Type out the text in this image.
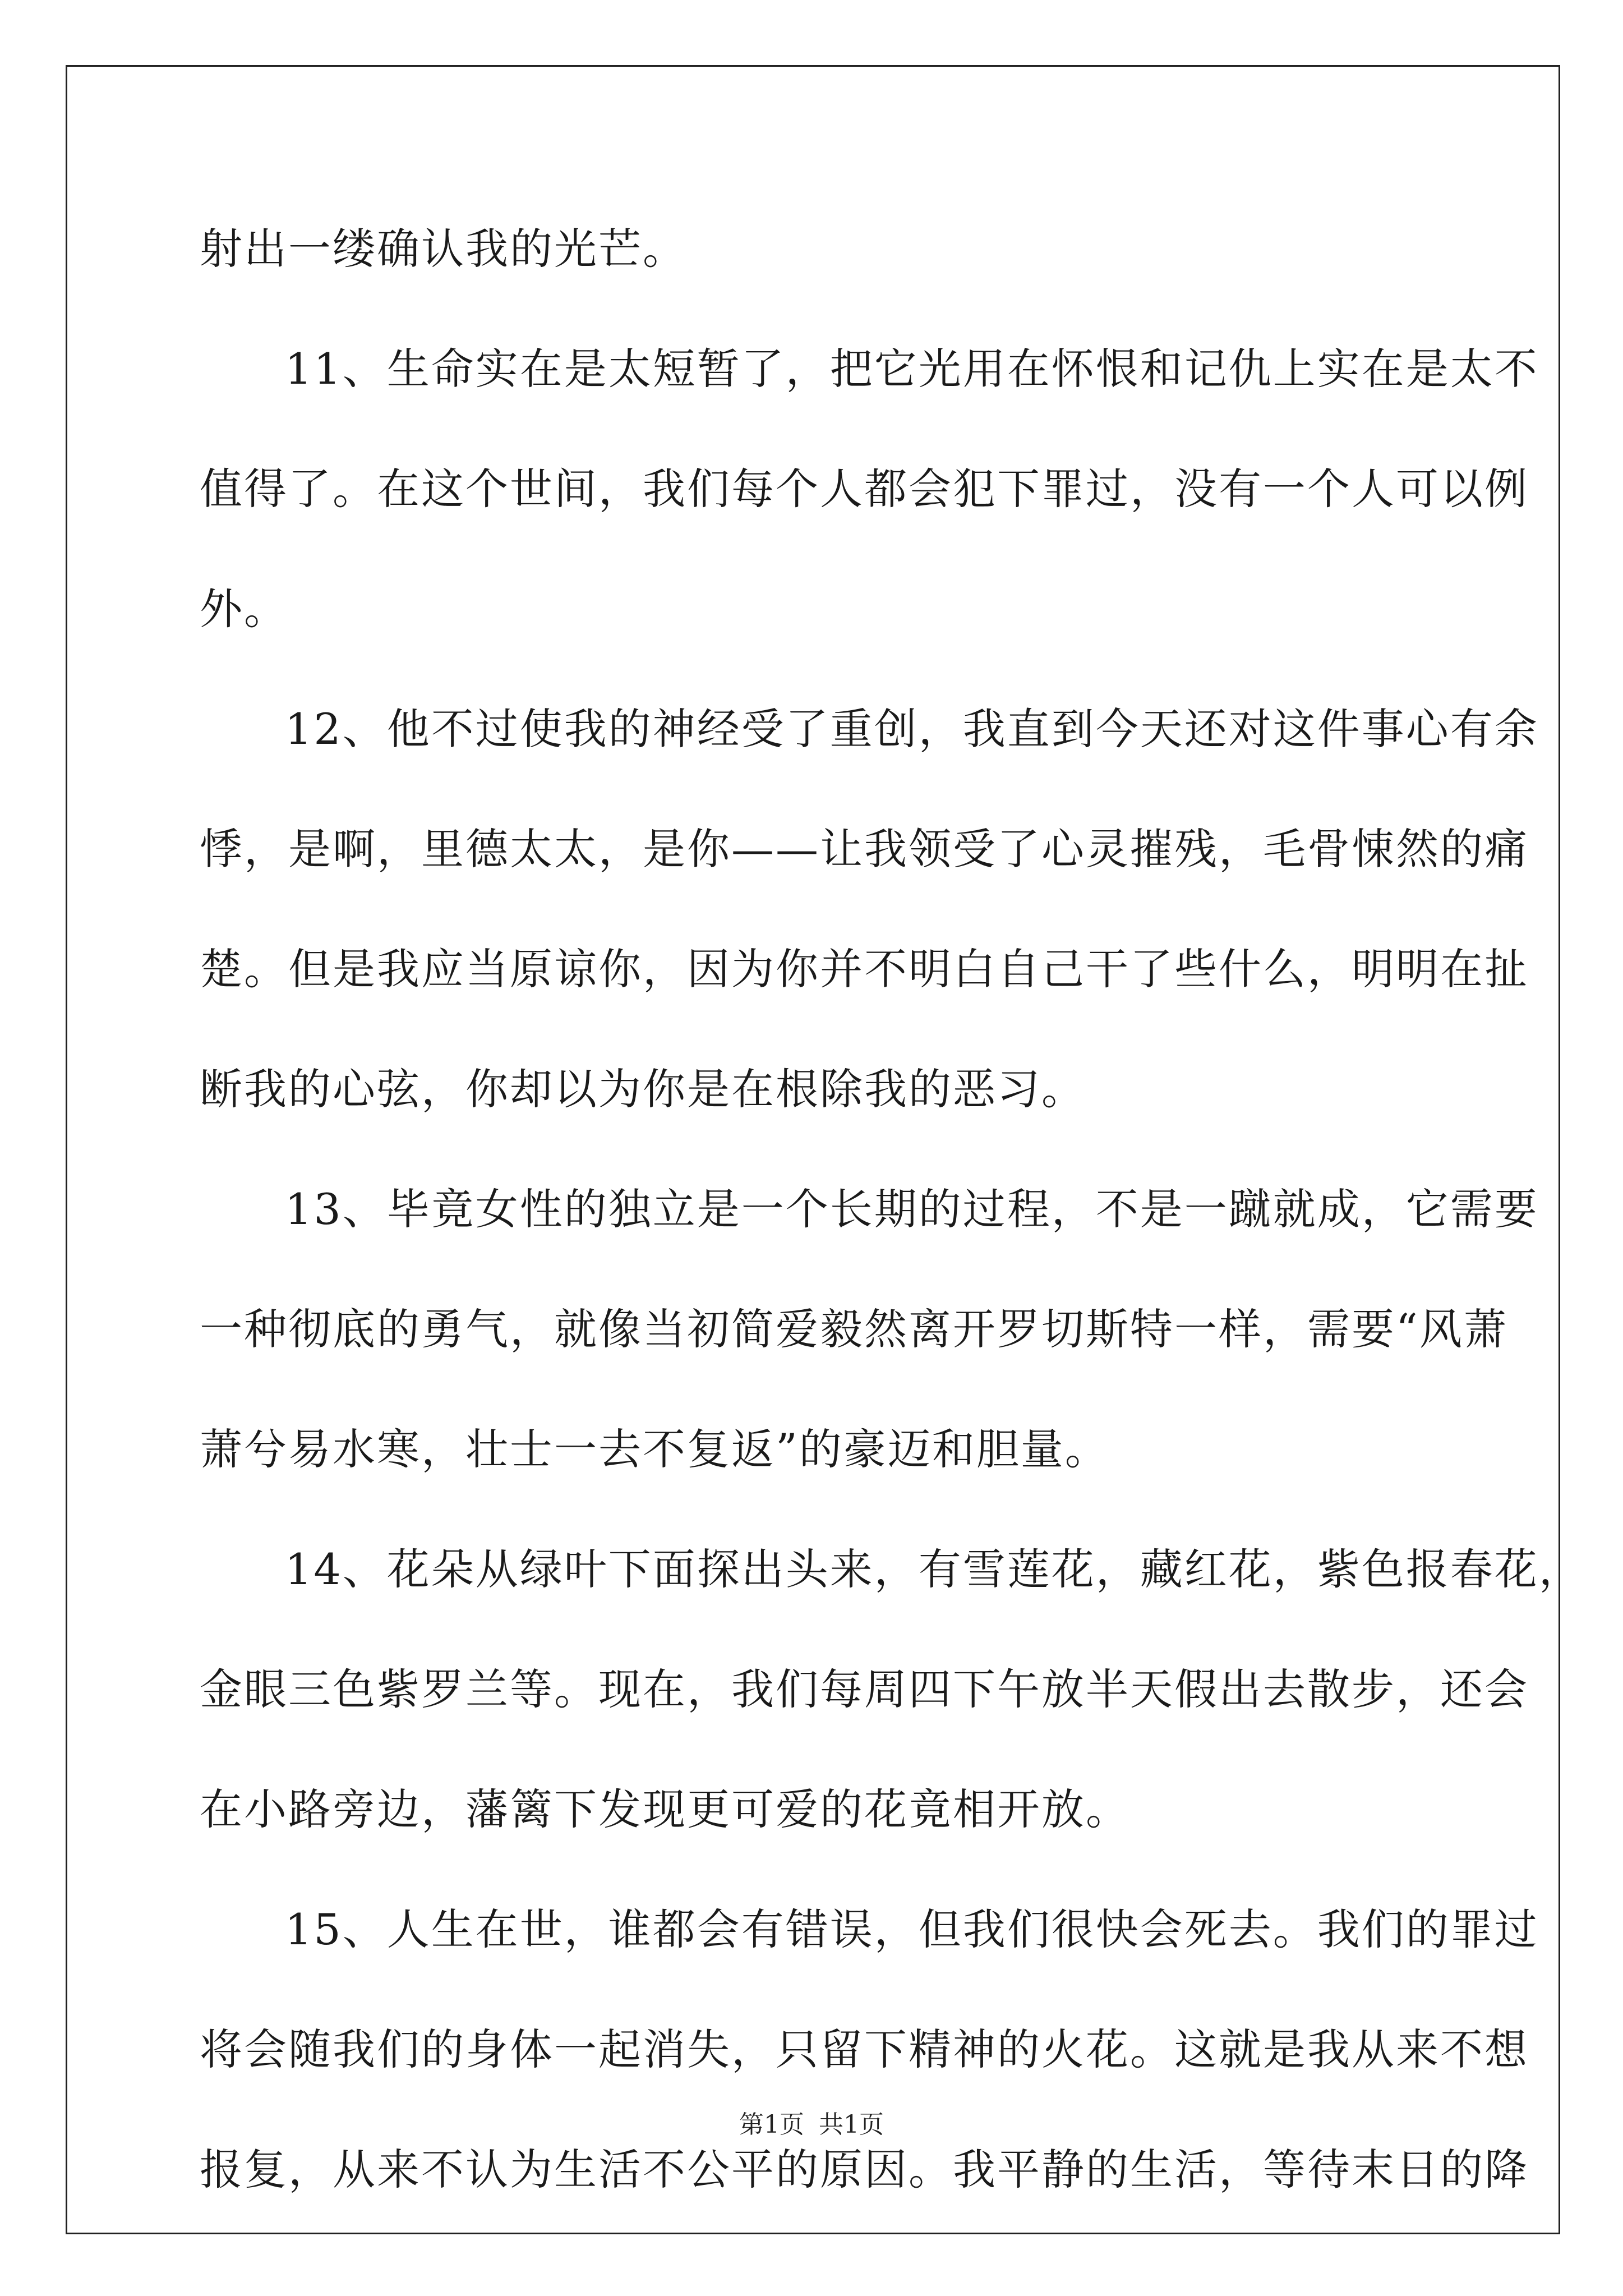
射出一缕确认我的光芒。
11、生命实在是太短暂了，把它光用在怀恨和记仇上实在是太不
值得了。在这个世间，我们每个人都会犯下罪过，没有一个人可以例
外。
12、他不过使我的神经受了重创，我直到今天还对这件事心有余
悸，是啊，里德太太，是你——让我领受了心灵摧残，毛骨悚然的痛
楚。但是我应当原谅你，因为你并不明白自己干了些什么，明明在扯
断我的心弦，你却以为你是在根除我的恶习。
13、毕竟女性的独立是一个长期的过程，不是一蹴就成，它需要
一种彻底的勇气，就像当初简爱毅然离开罗切斯特一样，需要“风萧
萧兮易水寒，壮士一去不复返”的豪迈和胆量。
14、花朵从绿叶下面探出头来，有雪莲花，藏红花，紫色报春花，
金眼三色紫罗兰等。现在，我们每周四下午放半天假出去散步，还会
在小路旁边，藩篱下发现更可爱的花竟相开放。
15、人生在世，谁都会有错误，但我们很快会死去。我们的罪过
将会随我们的身体一起消失，只留下精神的火花。这就是我从来不想
报复，从来不认为生活不公平的原因。我平静的生活，等待末日的降
第1页 共1页
